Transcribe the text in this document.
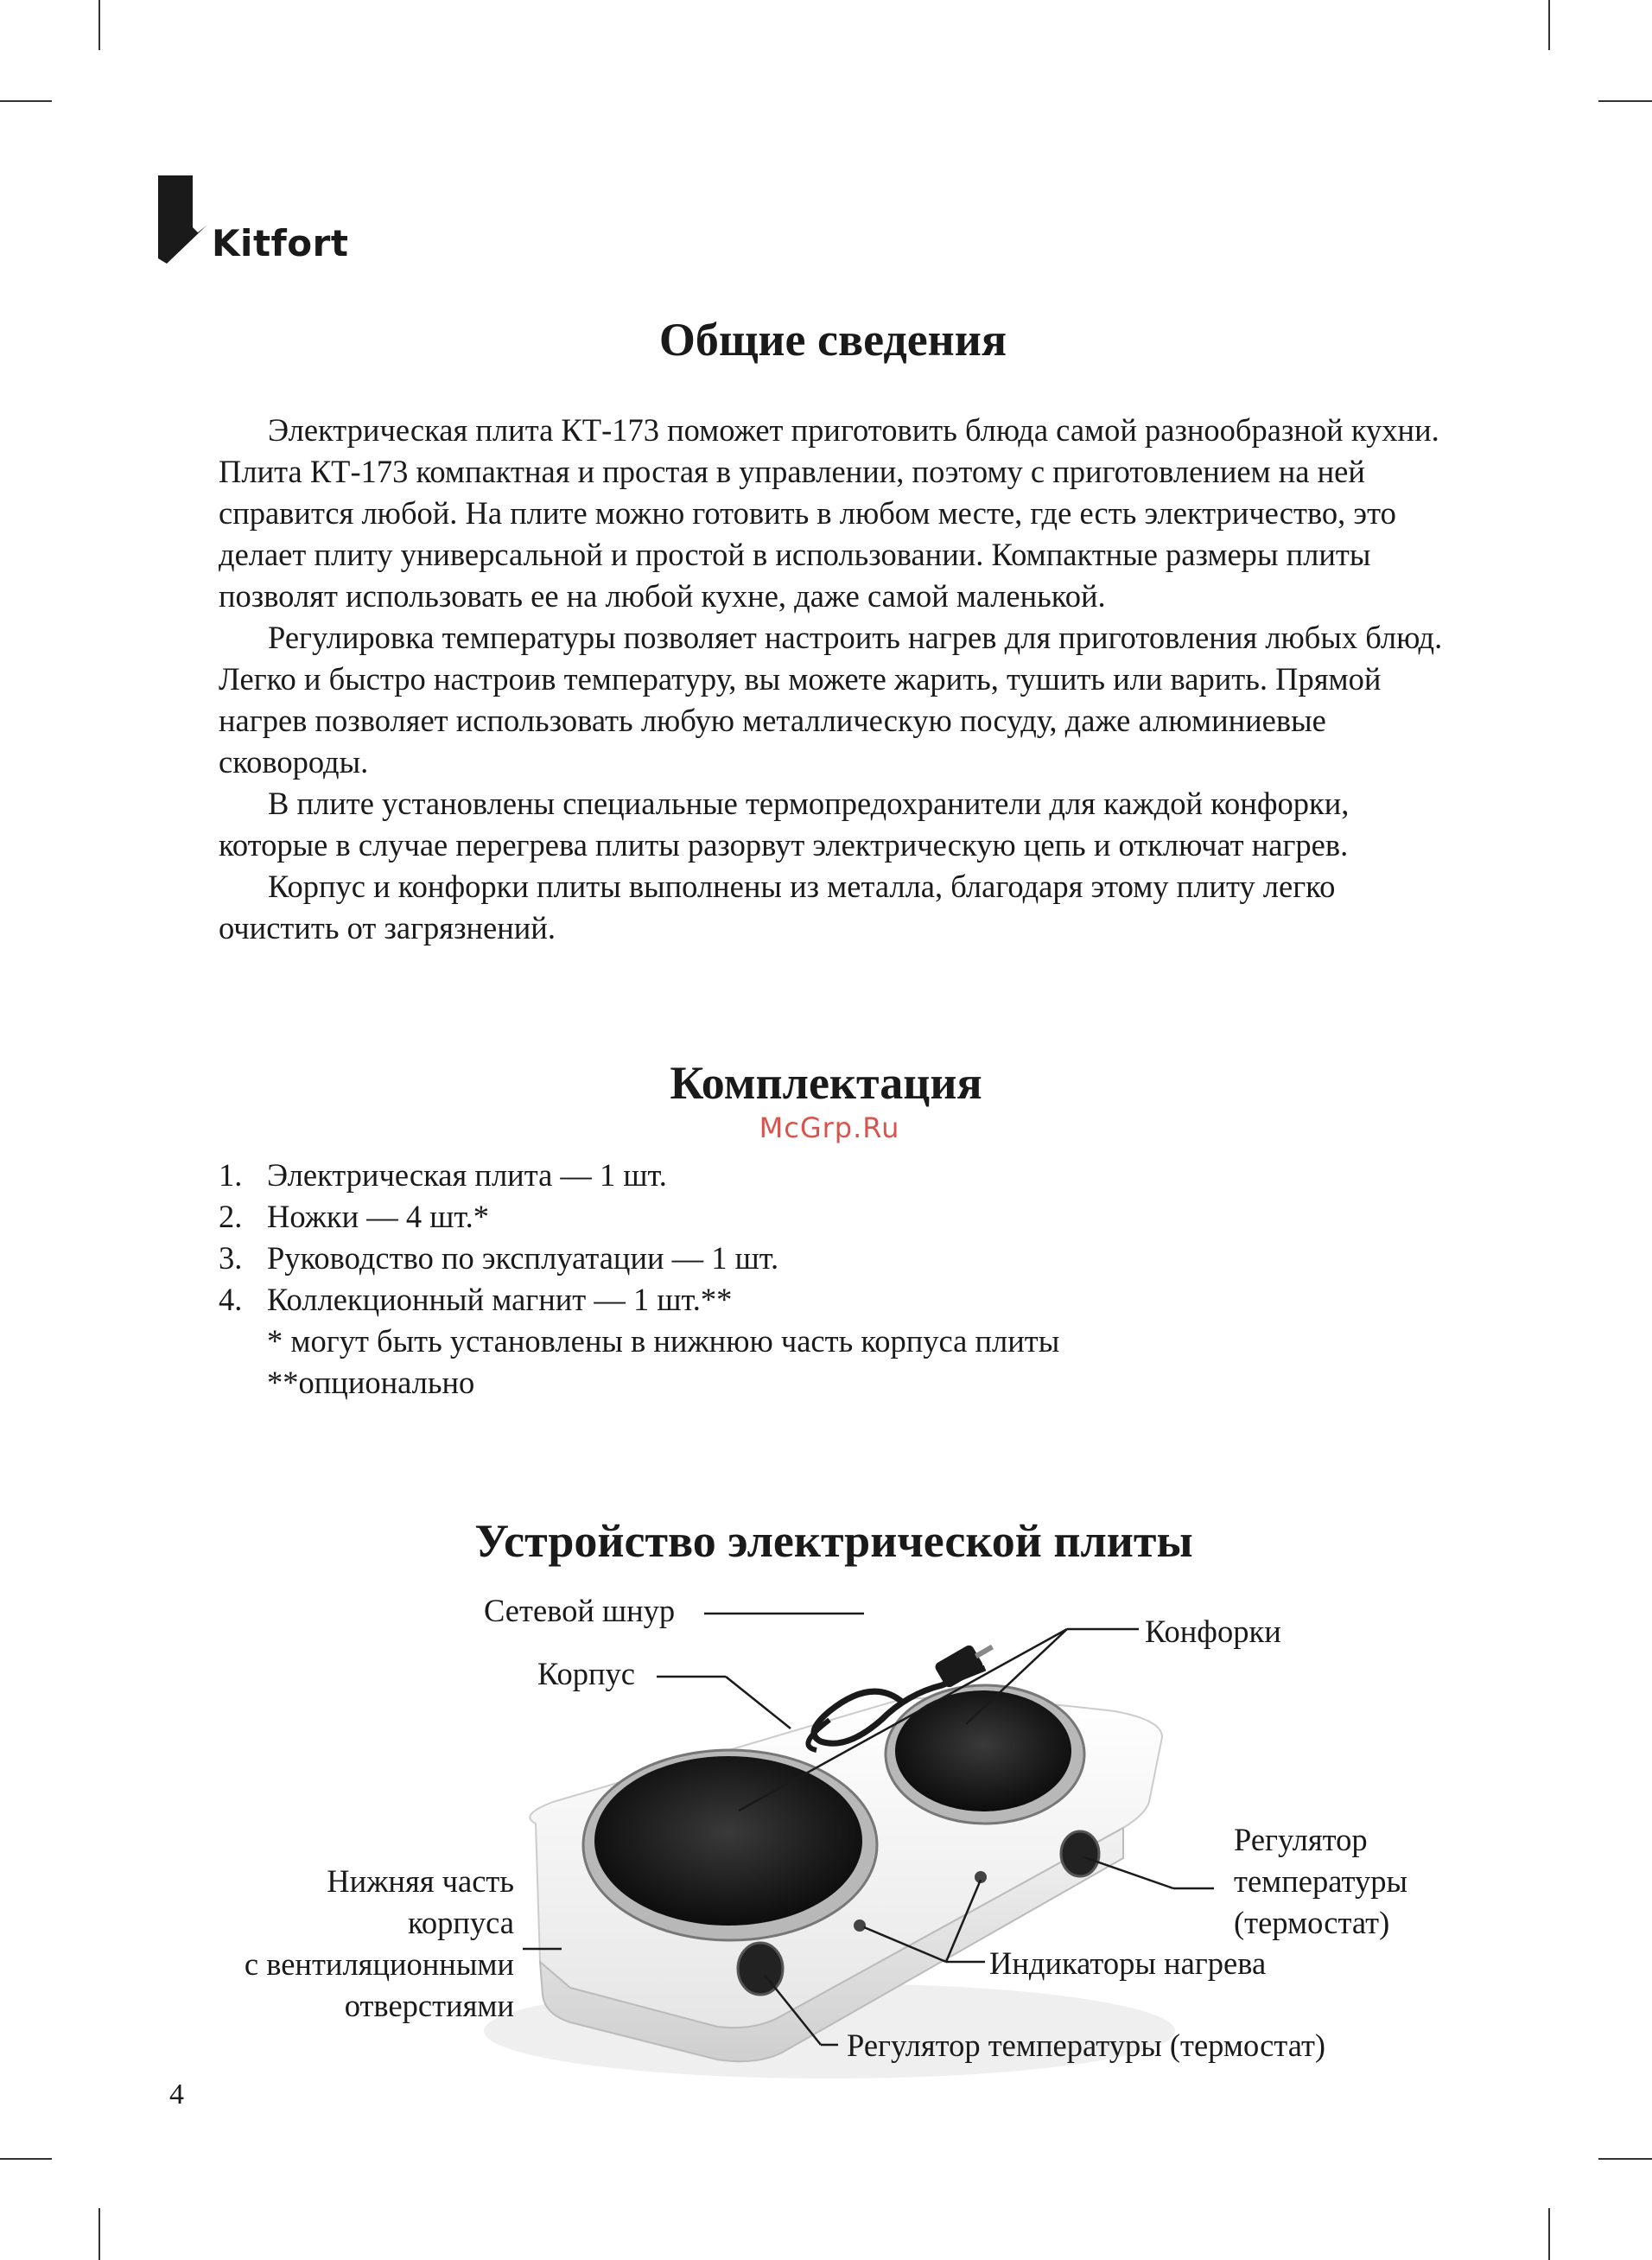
Kitfort
Общие сведения

Электрическая плита КТ-173 поможет приготовить блюда самой разнообразной кухни. Плита КТ-173 компактная и простая в управлении, поэтому с приготовлением на ней справится любой. На плите можно готовить в любом месте, где есть электричество, это делает плиту универсальной и простой в использовании. Компактные размеры плиты позволят использовать ее на любой кухне, даже самой маленькой.

Регулировка температуры позволяет настроить нагрев для приготовления любых блюд. Легко и быстро настроив температуру, вы можете жарить, тушить или варить. Прямой нагрев позволяет использовать любую металлическую посуду, даже алюминиевые сковороды.

В плите установлены специальные термопредохранители для каждой конфорки, которые в случае перегрева плиты разорвут электрическую цепь и отключат нагрев.

Корпус и конфорки плиты выполнены из металла, благодаря этому плиту легко очистить от загрязнений.

Комплектация
McGrp.Ru
1. Электрическая плита — 1 шт.
2. Ножки — 4 шт.*
3. Руководство по эксплуатации — 1 шт.
4. Коллекционный магнит — 1 шт.**
* могут быть установлены в нижнюю часть корпуса плиты
**опционально
Устройство электрической плиты
Сетевой шнур
Корпус
Конфорки
Нижняя часть
корпуса
с вентиляционными
отверстиями
Регулятор
температуры
(термостат)
Индикаторы нагрева
Регулятор температуры (термостат)
4
